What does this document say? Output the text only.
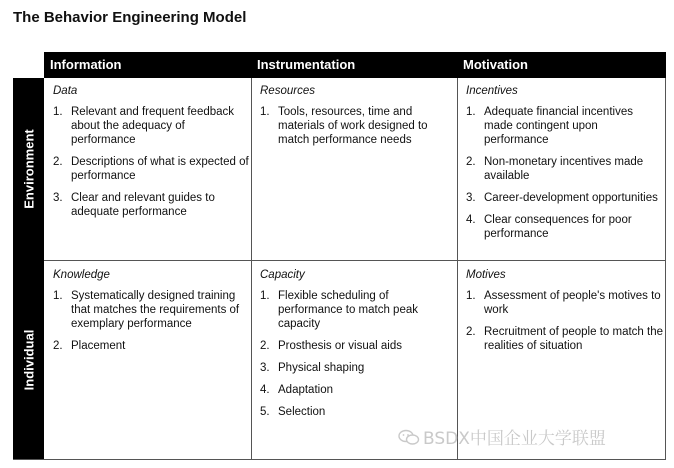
The Behavior Engineering Model
Information	Instrumentation	Motivation
Environment
Individual
Data
1. Relevant and frequent feedback about the adequacy of performance
2. Descriptions of what is expected of performance
3. Clear and relevant guides to adequate performance
Resources
1. Tools, resources, time and materials of work designed to match performance needs
Incentives
1. Adequate financial incentives made contingent upon performance
2. Non-monetary incentives made available
3. Career-development opportunities
4. Clear consequences for poor performance
Knowledge
1. Systematically designed training that matches the requirements of exemplary performance
2. Placement
Capacity
1. Flexible scheduling of performance to match peak capacity
2. Prosthesis or visual aids
3. Physical shaping
4. Adaptation
5. Selection
Motives
1. Assessment of people's motives to work
2. Recruitment of people to match the realities of situation
BSDX中国企业大学联盟
